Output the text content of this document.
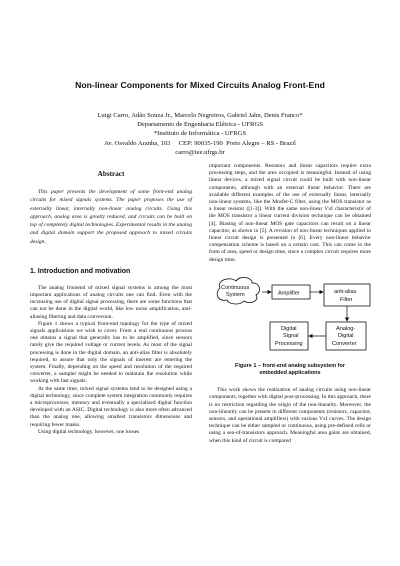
Non-linear Components for Mixed Circuits Analog Front-End
Luigi Carro, Adão Souza Jr., Marcelo Negreiros, Gabriel Jahn, Denis Franco*
Departamento de Engenharia Elétrica - UFRGS
*Instituto de Informática - UFRGS
Av. Osvaldo Aranha, 103     CEP: 90035-190  Porto Alegre – RS - Brazil
carro@iee.ufrgs.br
Abstract

This paper presents the development of some front-end analog circuits for mixed signals systems. The paper proposes the use of externally linear, internally non-linear analog circuits. Using this approach, analog area is greatly reduced, and circuits can be built on top of completely digital technologies. Experimental results in the analog and digital domain support the proposed approach to mixed circuits design.

1. Introduction and motivation

The analog frontend of mixed signal systems is among the most important applications of analog circuits one can find. Even with the increasing use of digital signal processing, there are some functions that can not be done in the digital world, like low noise amplification, anti-aliasing filtering and data conversion.

Figure 1 shows a typical front-end topology for the type of mixed signals applications we wish to cover. From a real continuous process one obtains a signal that generally has to be amplified, since sensors rarely give the required voltage or current levels. As most of the signal processing is done in the digital domain, an anti-alias filter is absolutely required, to assure that only the signals of interest are entering the system. Finally, depending on the speed and resolution of the required converter, a sampler might be needed to maintain the resolution while working with fast signals.

At the same time, mixed signal systems tend to be designed using a digital technology, since complete system integration commonly requires a microprocessor, memory and eventually a specialized digital function developed with an ASIC. Digital technology is also more often advanced than the analog one, allowing smallest transistors dimensions and requiring fewer masks.

Using digital technology, however, one looses

important components. Resistors and linear capacitors require extra processing steps, and the area occupied is meaningful. Instead of using linear devices, a mixed signal circuit could be built with non-linear components, although with an external linear behavior. There are available different examples of the use of externally linear, internally non-linear systems, like the Mosfet-C filter, using the MOS transistor as a linear resistor ([1-3]). With the same non-linear VxI characteristic of the MOS transistor a linear current division technique can be obtained [4]. Biasing of non-linear MOS gate capacitors can result on a linear capacitor, as shown in [5]. A revision of non-linear techniques applied to linear circuit design is presented in [6]. Every non-linear behavior compensation scheme is based on a certain cost. This can come in the form of area, speed or design time, since a complex circuit requires more design time.

Continuous
System	Amplifier	anti-alias
Filter
Digital
Signal
Processing
Analog-
Digital
Converter
Figure 1 – front-end analog subsystem for
embedded applications

This work shows the realization of analog circuits using non-linear components, together with digital post-processing. In this approach, there is no restriction regarding the origin of the non-linearity. Moreover, the non-linearity can be present in different components (resistors, capacitor, sensors, and operational amplifiers) with various VxI curves. The design technique can be either sampled or continuous, using pre-defined cells or using a sea-of-transistors approach. Meaningful area gains are obtained, when this kind of circuit is compared
